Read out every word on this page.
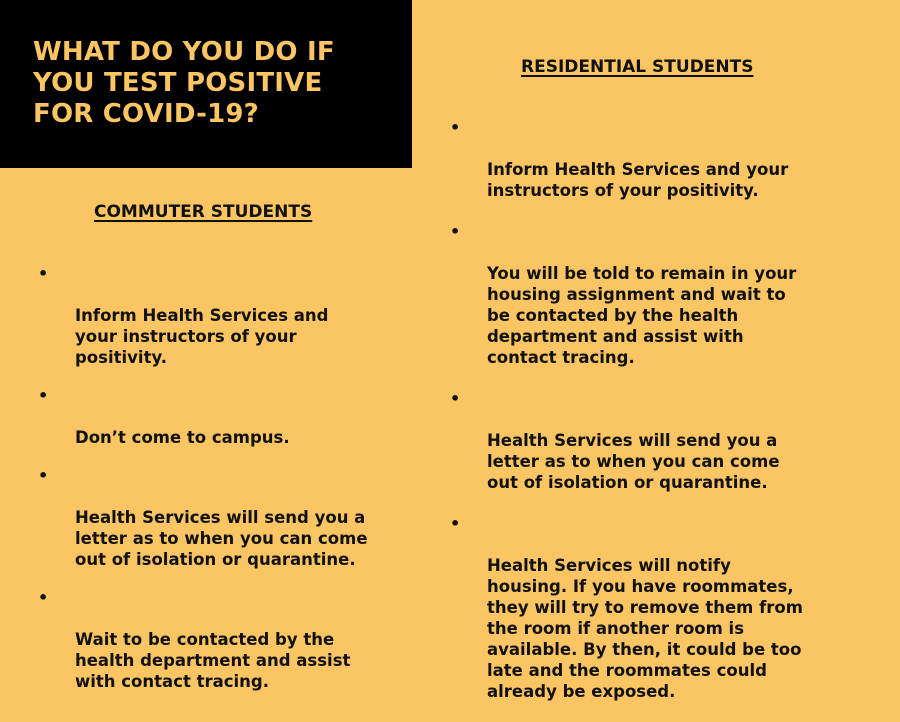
WHAT DO YOU DO IF
YOU TEST POSITIVE
FOR COVID-19?
COMMUTER STUDENTS

•

Inform Health Services and
your instructors of your
positivity.

•

Don’t come to campus.

•

Health Services will send you a
letter as to when you can come
out of isolation or quarantine.

•

Wait to be contacted by the
health department and assist
with contact tracing.

RESIDENTIAL STUDENTS

•

Inform Health Services and your
instructors of your positivity.

•

You will be told to remain in your
housing assignment and wait to
be contacted by the health
department and assist with
contact tracing.

•

Health Services will send you a
letter as to when you can come
out of isolation or quarantine.

•

Health Services will notify
housing. If you have roommates,
they will try to remove them from
the room if another room is
available. By then, it could be too
late and the roommates could
already be exposed.
